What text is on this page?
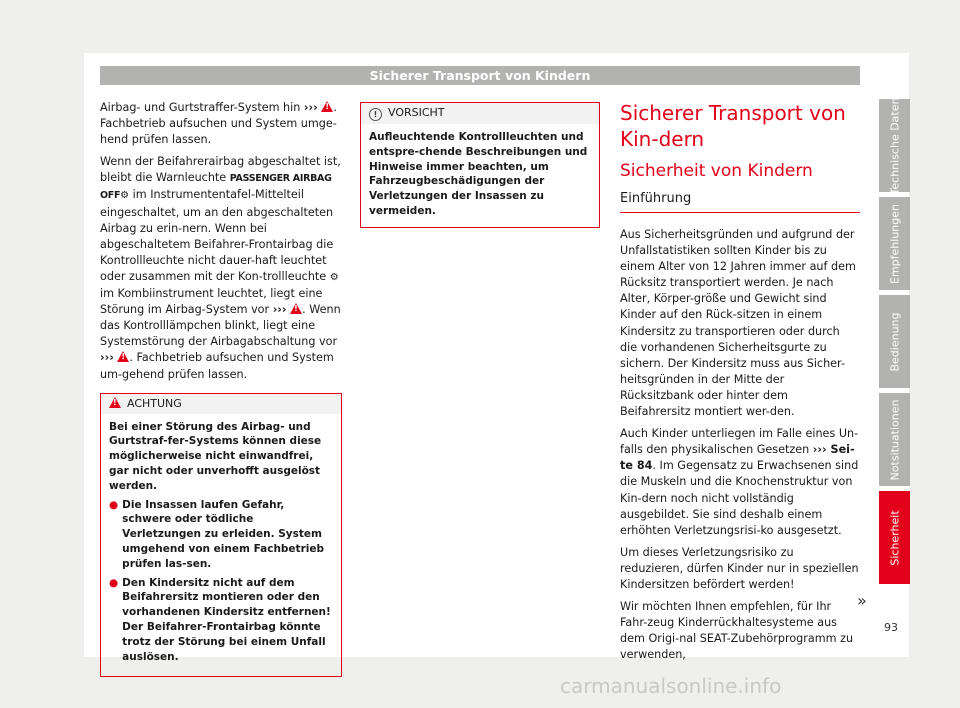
Sicherer Transport von Kindern

Airbag- und Gurtstraffer-System hin ››› ! . Fachbetrieb aufsuchen und System umge-hend prüfen lassen.

Wenn der Beifahrerairbag abgeschaltet ist, bleibt die Warnleuchte PASSENGER AIRBAG OFF⚙ im Instrumententafel-Mittelteil eingeschaltet, um an den abgeschalteten Airbag zu erin-nern. Wenn bei abgeschaltetem Beifahrer-Frontairbag die Kontrollleuchte nicht dauer-haft leuchtet oder zusammen mit der Kon-trollleuchte ⚙ im Kombiinstrument leuchtet, liegt eine Störung im Airbag-System vor ››› ! . Wenn das Kontrolllämpchen blinkt, liegt eine Systemstörung der Airbagabschaltung vor ››› ! . Fachbetrieb aufsuchen und System um-gehend prüfen lassen.

!ACHTUNG

Bei einer Störung des Airbag- und Gurtstraf-fer-Systems können diese möglicherweise nicht einwandfrei, gar nicht oder unverhofft ausgelöst werden.

● Die Insassen laufen Gefahr, schwere oder tödliche Verletzungen zu erleiden. System umgehend von einem Fachbetrieb prüfen las-sen.
● Den Kindersitz nicht auf dem Beifahrersitz montieren oder den vorhandenen Kindersitz entfernen! Der Beifahrer-Frontairbag könnte trotz der Störung bei einem Unfall auslösen.
! VORSICHT
Aufleuchtende Kontrollleuchten und entspre-chende Beschreibungen und Hinweise immer beachten, um Fahrzeugbeschädigungen der Verletzungen der Insassen zu vermeiden.
Sicherer Transport von Kin-dern
Sicherheit von Kindern
Einführung

Aus Sicherheitsgründen und aufgrund der Unfallstatistiken sollten Kinder bis zu einem Alter von 12 Jahren immer auf dem Rücksitz transportiert werden. Je nach Alter, Körper-größe und Gewicht sind Kinder auf den Rück-sitzen in einem Kindersitz zu transportieren oder durch die vorhandenen Sicherheitsgurte zu sichern. Der Kindersitz muss aus Sicher-heitsgründen in der Mitte der Rücksitzbank oder hinter dem Beifahrersitz montiert wer-den.

Auch Kinder unterliegen im Falle eines Un-falls den physikalischen Gesetzen ››› Sei-te 84. Im Gegensatz zu Erwachsenen sind die Muskeln und die Knochenstruktur von Kin-dern noch nicht vollständig ausgebildet. Sie sind deshalb einem erhöhten Verletzungsrisi-ko ausgesetzt.

Um dieses Verletzungsrisiko zu reduzieren, dürfen Kinder nur in speziellen Kindersitzen befördert werden!

Wir möchten Ihnen empfehlen, für Ihr Fahr-zeug Kinderrückhaltesysteme aus dem Origi-nal SEAT-Zubehörprogramm zu verwenden,

»
Technische Daten
Empfehlungen
Bedienung
Notsituationen
Sicherheit
93
carmanualsonline.info
